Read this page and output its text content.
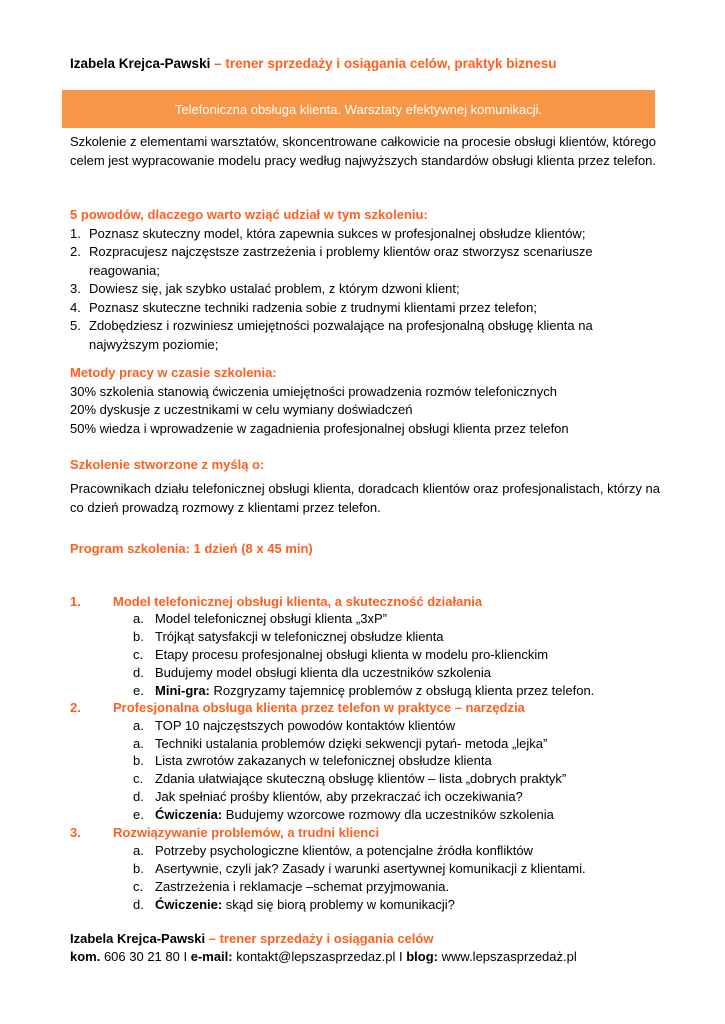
Izabela Krejca-Pawski – trener sprzedaży i osiągania celów, praktyk biznesu
Telefoniczna obsługa klienta. Warsztaty efektywnej komunikacji.
Szkolenie z elementami warsztatów, skoncentrowane całkowicie na procesie obsługi klientów, którego celem jest wypracowanie modelu pracy według najwyższych standardów obsługi klienta przez telefon.
5 powodów, dlaczego warto wziąć udział w tym szkoleniu:
1. Poznasz skuteczny model, która zapewnia sukces w profesjonalnej obsłudze klientów;
2. Rozpracujesz najczęstsze zastrzeżenia i problemy klientów oraz stworzysz scenariusze reagowania;
3. Dowiesz się, jak szybko ustalać problem, z którym dzwoni klient;
4. Poznasz skuteczne techniki radzenia sobie z trudnymi klientami przez telefon;
5. Zdobędziesz i rozwiniesz umiejętności pozwalające na profesjonalną obsługę klienta na najwyższym poziomie;
Metody pracy w czasie szkolenia:
30% szkolenia stanowią ćwiczenia umiejętności prowadzenia rozmów telefonicznych
20% dyskusje z uczestnikami w celu wymiany doświadczeń
50% wiedza i wprowadzenie w zagadnienia profesjonalnej obsługi klienta przez telefon
Szkolenie stworzone z myślą o:
Pracownikach działu telefonicznej obsługi klienta, doradcach klientów oraz profesjonalistach, którzy na co dzień prowadzą rozmowy z klientami przez telefon.
Program szkolenia: 1 dzień (8 x 45 min)
1. Model telefonicznej obsługi klienta, a skuteczność działania
a. Model telefonicznej obsługi klienta „3xP”
b. Trójkąt satysfakcji w telefonicznej obsłudze klienta
c. Etapy procesu profesjonalnej obsługi klienta w modelu pro-klienckim
d. Budujemy model obsługi klienta dla uczestników szkolenia
e. Mini-gra: Rozgryzamy tajemnicę problemów z obsługą klienta przez telefon.
2. Profesjonalna obsługa klienta przez telefon w praktyce – narzędzia
a. TOP 10 najczęstszych powodów kontaktów klientów
a. Techniki ustalania problemów dzięki sekwencji pytań- metoda „lejka”
b. Lista zwrotów zakazanych w telefonicznej obsłudze klienta
c. Zdania ułatwiające skuteczną obsługę klientów – lista „dobrych praktyk”
d. Jak spełniać prośby klientów, aby przekraczać ich oczekiwania?
e. Ćwiczenia: Budujemy wzorcowe rozmowy dla uczestników szkolenia
3. Rozwiązywanie problemów, a trudni klienci
a. Potrzeby psychologiczne klientów, a potencjalne źródła konfliktów
b. Asertywnie, czyli jak? Zasady i warunki asertywnej komunikacji z klientami.
c. Zastrzeżenia i reklamacje –schemat przyjmowania.
d. Ćwiczenie: skąd się biorą problemy w komunikacji?
Izabela Krejca-Pawski – trener sprzedaży i osiągania celów
kom. 606 30 21 80 I e-mail: kontakt@lepszasprzedaz.pl I blog: www.lepszasprzedaż.pl
